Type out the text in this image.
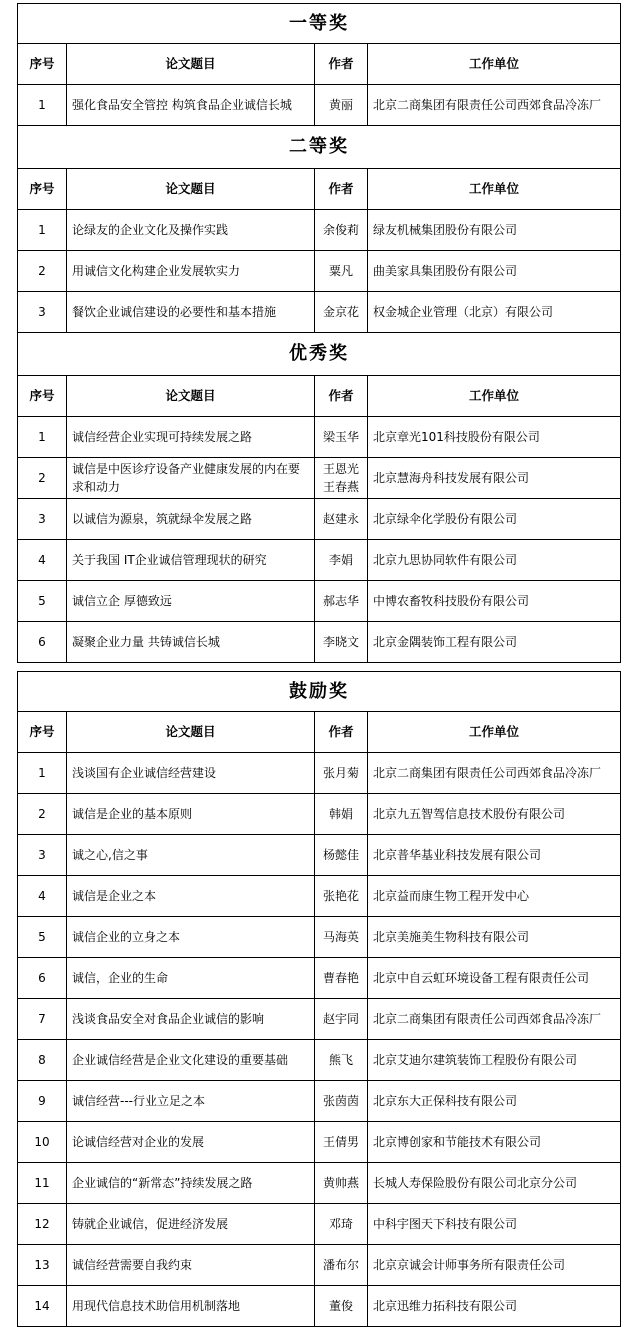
一等奖			
序号	论文题目	作者	工作单位
1	强化食品安全管控 构筑食品企业诚信长城	黄丽	北京二商集团有限责任公司西郊食品冷冻厂
二等奖			
序号	论文题目	作者	工作单位
1	论绿友的企业文化及操作实践	余俊莉	绿友机械集团股份有限公司
2	用诚信文化构建企业发展软实力	粟凡	曲美家具集团股份有限公司
3	餐饮企业诚信建设的必要性和基本措施	金京花	权金城企业管理（北京）有限公司
优秀奖			
序号	论文题目	作者	工作单位
1	诚信经营企业实现可持续发展之路	梁玉华	北京章光101科技股份有限公司
2	诚信是中医诊疗设备产业健康发展的内在要求和动力	王恩光 王春燕	北京慧海舟科技发展有限公司
3	以诚信为源泉，筑就绿伞发展之路	赵建永	北京绿伞化学股份有限公司
4	关于我国 IT企业诚信管理现状的研究	李娟	北京九思协同软件有限公司
5	诚信立企 厚德致远	郝志华	中博农畜牧科技股份有限公司
6	凝聚企业力量 共铸诚信长城	李晓文	北京金隅装饰工程有限公司
鼓励奖			
序号	论文题目	作者	工作单位
1	浅谈国有企业诚信经营建设	张月菊	北京二商集团有限责任公司西郊食品冷冻厂
2	诚信是企业的基本原则	韩娟	北京九五智驾信息技术股份有限公司
3	诚之心,信之事	杨懿佳	北京普华基业科技发展有限公司
4	诚信是企业之本	张艳花	北京益而康生物工程开发中心
5	诚信企业的立身之本	马海英	北京美施美生物科技有限公司
6	诚信，企业的生命	曹春艳	北京中自云虹环境设备工程有限责任公司
7	浅谈食品安全对食品企业诚信的影响	赵宇同	北京二商集团有限责任公司西郊食品冷冻厂
8	企业诚信经营是企业文化建设的重要基础	熊飞	北京艾迪尔建筑装饰工程股份有限公司
9	诚信经营---行业立足之本	张茵茵	北京东大正保科技有限公司
10	论诚信经营对企业的发展	王倩男	北京博创家和节能技术有限公司
11	企业诚信的“新常态”持续发展之路	黄帅燕	长城人寿保险股份有限公司北京分公司
12	铸就企业诚信，促进经济发展	邓琦	中科宇图天下科技有限公司
13	诚信经营需要自我约束	潘布尔	北京京诚会计师事务所有限责任公司
14	用现代信息技术助信用机制落地	董俊	北京迅维力拓科技有限公司
